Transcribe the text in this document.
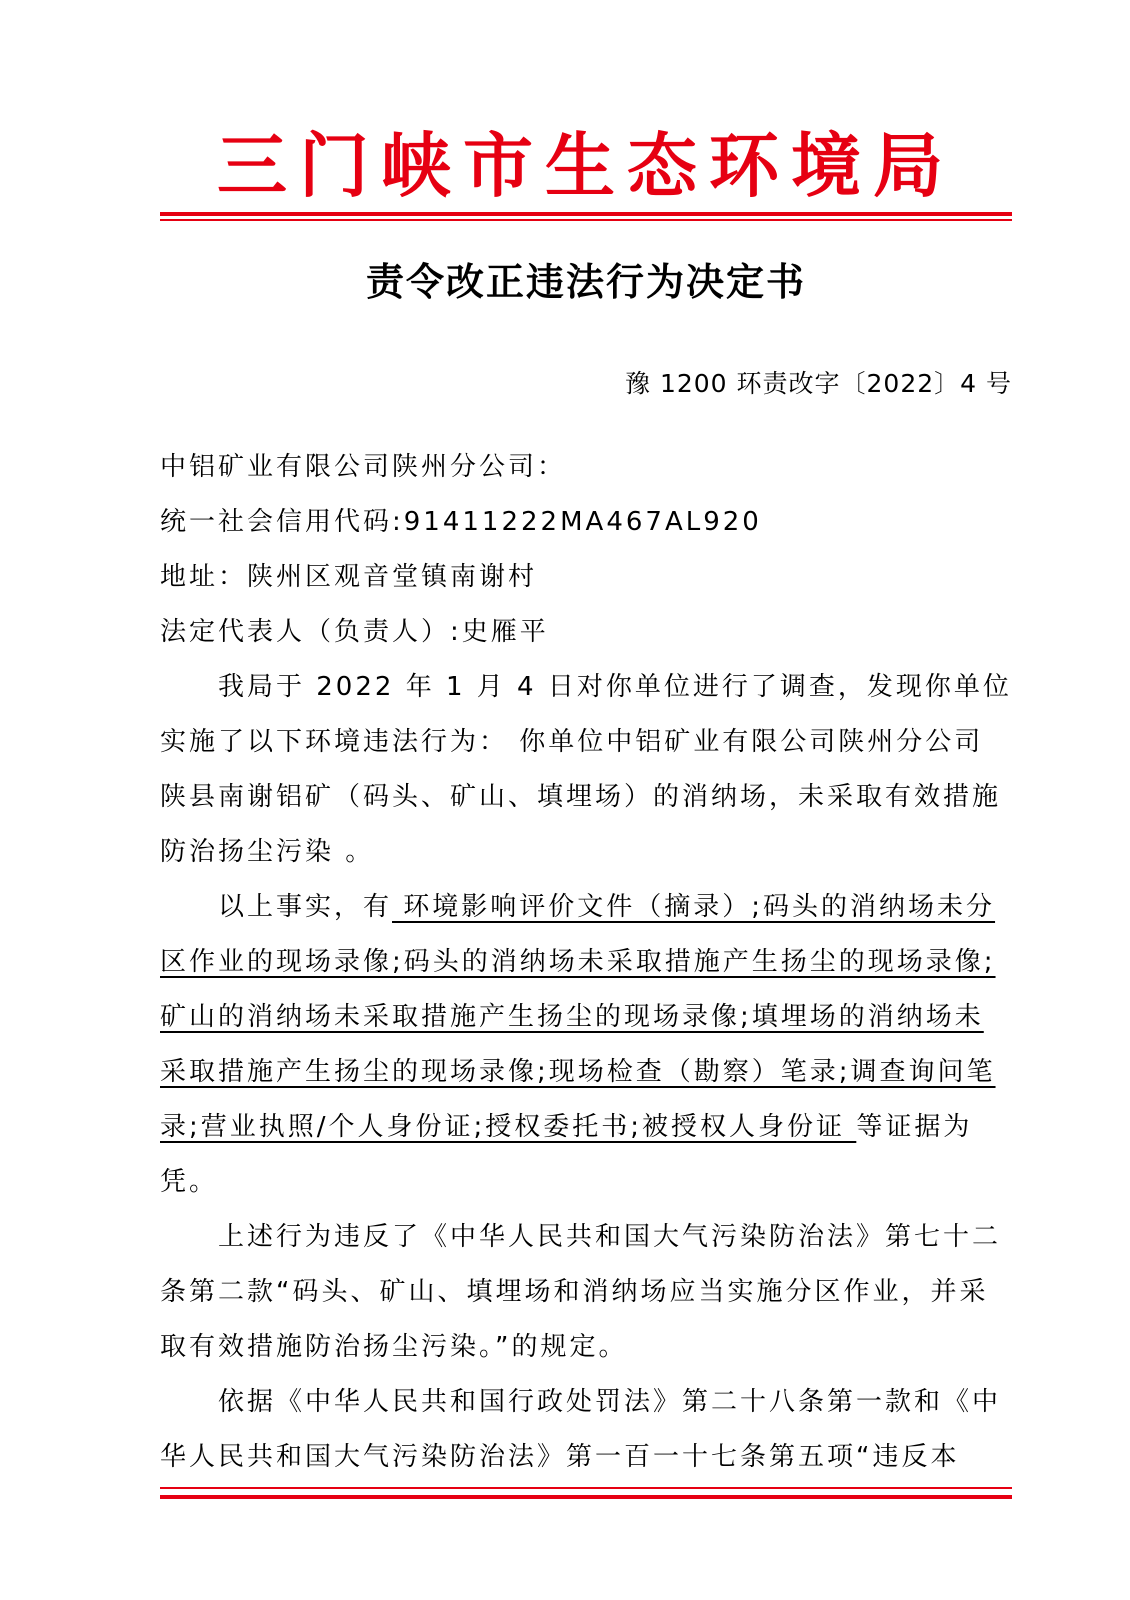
三门峡市生态环境局
责令改正违法行为决定书
豫 1200 环责改字〔2022〕4 号

中铝矿业有限公司陕州分公司：

统一社会信用代码:91411222MA467AL920

地址：陕州区观音堂镇南谢村

法定代表人（负责人）:史雁平

我局于 2022 年 1 月 4 日对你单位进行了调查，发现你单位实施了以下环境违法行为： 你单位中铝矿业有限公司陕州分公司陕县南谢铝矿（码头、矿山、填埋场）的消纳场，未采取有效措施防治扬尘污染 。

以上事实，有 环境影响评价文件（摘录）;码头的消纳场未分区作业的现场录像;码头的消纳场未采取措施产生扬尘的现场录像;矿山的消纳场未采取措施产生扬尘的现场录像;填埋场的消纳场未采取措施产生扬尘的现场录像;现场检查（勘察）笔录;调查询问笔录;营业执照/个人身份证;授权委托书;被授权人身份证 等证据为凭。

上述行为违反了《中华人民共和国大气污染防治法》第七十二条第二款“码头、矿山、填埋场和消纳场应当实施分区作业，并采取有效措施防治扬尘污染。”的规定。

依据《中华人民共和国行政处罚法》第二十八条第一款和《中华人民共和国大气污染防治法》第一百一十七条第五项“违反本
